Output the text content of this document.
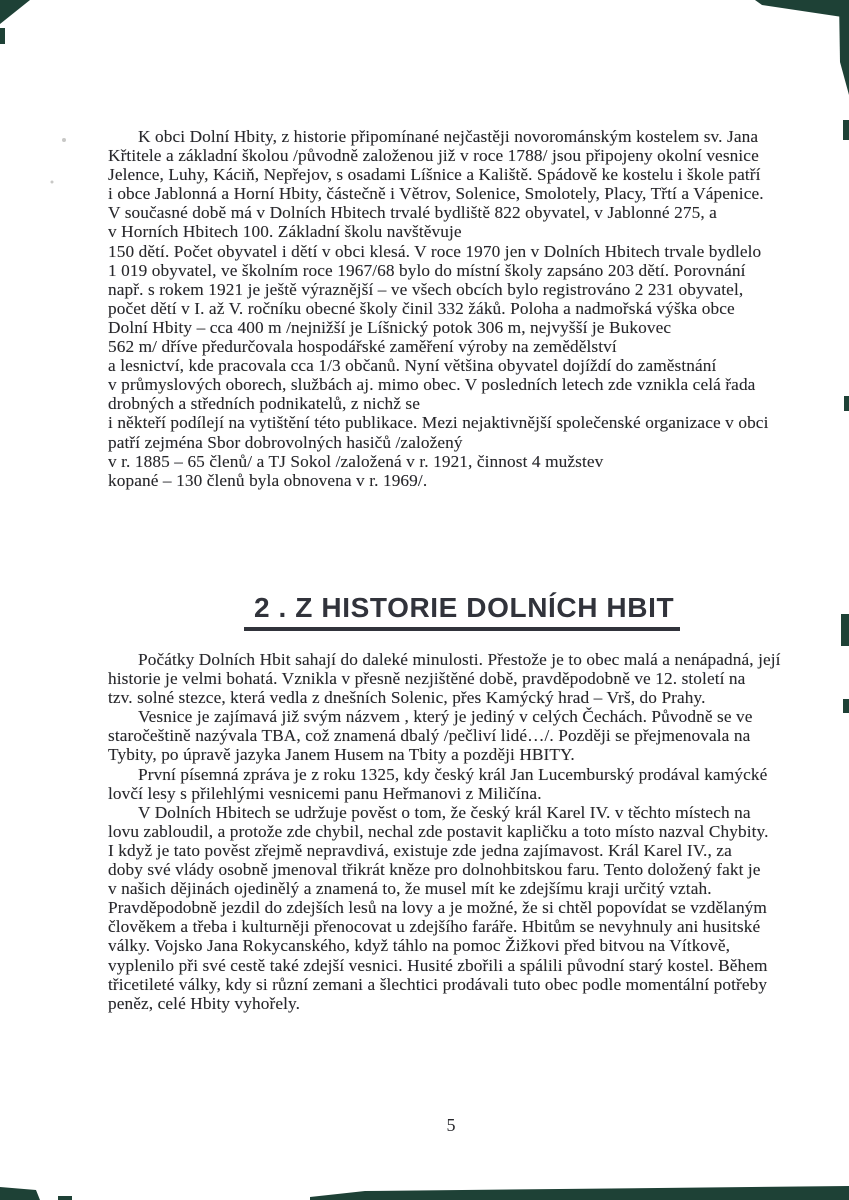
K obci Dolní Hbity, z historie připomínané nejčastěji novorománským kostelem sv. Jana
Křtitele a základní školou /původně založenou již v roce 1788/ jsou připojeny okolní vesnice
Jelence, Luhy, Káciň, Nepřejov, s osadami Líšnice a Kaliště. Spádově ke kostelu i škole patří
i obce Jablonná a Horní Hbity, částečně i Větrov, Solenice, Smolotely, Placy, Třtí a Vápenice.
V současné době má v Dolních Hbitech trvalé bydliště 822 obyvatel, v Jablonné 275, a
v Horních Hbitech 100. Základní školu navštěvuje
150 dětí. Počet obyvatel i dětí v obci klesá. V roce 1970 jen v Dolních Hbitech trvale bydlelo
1 019 obyvatel, ve školním roce 1967/68 bylo do místní školy zapsáno 203 dětí. Porovnání
např. s rokem 1921 je ještě výraznější – ve všech obcích bylo registrováno 2 231 obyvatel,
počet dětí v I. až V. ročníku obecné školy činil 332 žáků. Poloha a nadmořská výška obce
Dolní Hbity – cca 400 m /nejnižší je Líšnický potok 306 m, nejvyšší je Bukovec
562 m/ dříve předurčovala hospodářské zaměření výroby na zemědělství
a lesnictví, kde pracovala cca 1/3 občanů. Nyní většina obyvatel dojíždí do zaměstnání
v průmyslových oborech, službách aj. mimo obec. V posledních letech zde vznikla celá řada
drobných a středních podnikatelů, z nichž se
i někteří podílejí na vytištění této publikace. Mezi nejaktivnější společenské organizace v obci
patří zejména Sbor dobrovolných hasičů /založený
v r. 1885 – 65 členů/ a TJ Sokol /založená v r. 1921, činnost 4 mužstev
kopané – 130 členů byla obnovena v r. 1969/.
2 . Z HISTORIE DOLNÍCH HBIT
Počátky Dolních Hbit sahají do daleké minulosti. Přestože je to obec malá a nenápadná, její
historie je velmi bohatá. Vznikla v přesně nezjištěné době, pravděpodobně ve 12. století na
tzv. solné stezce, která vedla z dnešních Solenic, přes Kamýcký hrad – Vrš, do Prahy.
Vesnice je zajímavá již svým názvem , který je jediný v celých Čechách. Původně se ve
staročeštině nazývala TBA, což znamená dbalý /pečliví lidé…/. Později se přejmenovala na
Tybity, po úpravě jazyka Janem Husem na Tbity a později HBITY.
První písemná zpráva je z roku 1325, kdy český král Jan Lucemburský prodával kamýcké
lovčí lesy s přilehlými vesnicemi panu Heřmanovi z Miličína.
V Dolních Hbitech se udržuje pověst o tom, že český král Karel IV. v těchto místech na
lovu zabloudil, a protože zde chybil, nechal zde postavit kapličku a toto místo nazval Chybity.
I když je tato pověst zřejmě nepravdivá, existuje zde jedna zajímavost. Král Karel IV., za
doby své vlády osobně jmenoval třikrát kněze pro dolnohbitskou faru. Tento doložený fakt je
v našich dějinách ojedinělý a znamená to, že musel mít ke zdejšímu kraji určitý vztah.
Pravděpodobně jezdil do zdejších lesů na lovy a je možné, že si chtěl popovídat se vzdělaným
člověkem a třeba i kulturněji přenocovat u zdejšího faráře. Hbitům se nevyhnuly ani husitské
války. Vojsko Jana Rokycanského, když táhlo na pomoc Žižkovi před bitvou na Vítkově,
vyplenilo při své cestě také zdejší vesnici. Husité zbořili a spálili původní starý kostel. Během
třicetileté války, kdy si různí zemani a šlechtici prodávali tuto obec podle momentální potřeby
peněz, celé Hbity vyhořely.
5
